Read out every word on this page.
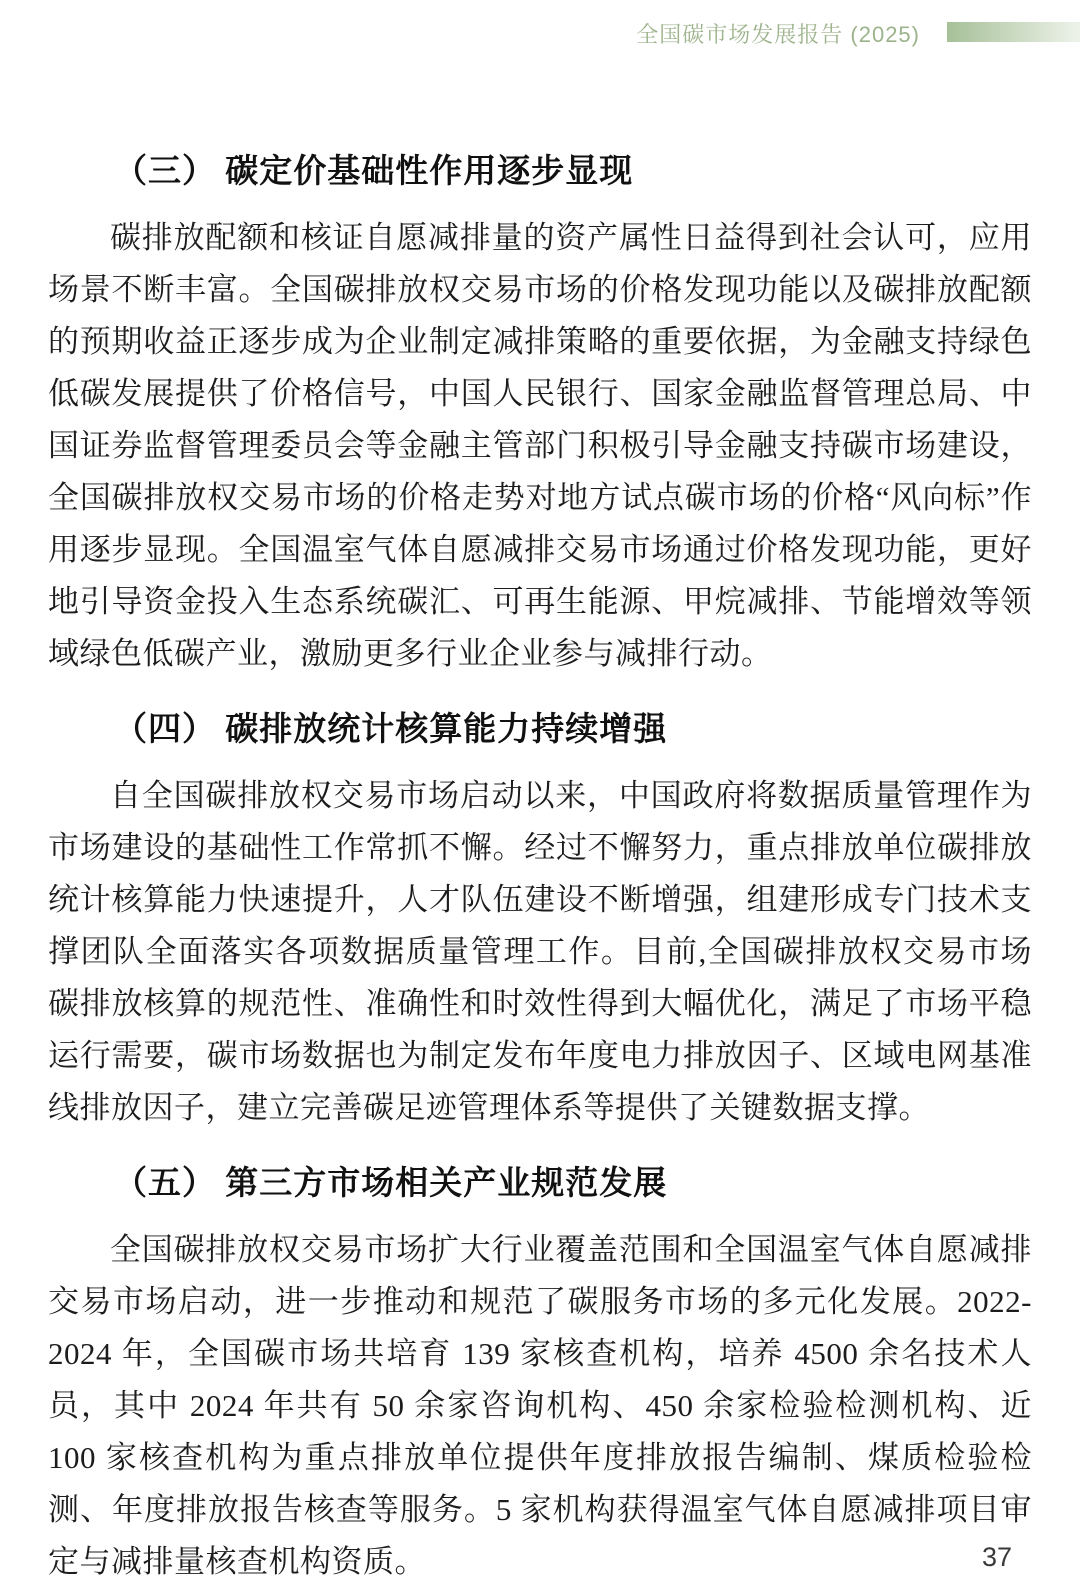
全国碳市场发展报告 (2025)
（三） 碳定价基础性作用逐步显现

碳排放配额和核证自愿减排量的资产属性日益得到社会认可，应用场景不断丰富。全国碳排放权交易市场的价格发现功能以及碳排放配额的预期收益正逐步成为企业制定减排策略的重要依据，为金融支持绿色低碳发展提供了价格信号，中国人民银行、国家金融监督管理总局、中国证券监督管理委员会等金融主管部门积极引导金融支持碳市场建设，全国碳排放权交易市场的价格走势对地方试点碳市场的价格“风向标”作用逐步显现。全国温室气体自愿减排交易市场通过价格发现功能，更好地引导资金投入生态系统碳汇、可再生能源、甲烷减排、节能增效等领域绿色低碳产业，激励更多行业企业参与减排行动。

（四） 碳排放统计核算能力持续增强

自全国碳排放权交易市场启动以来，中国政府将数据质量管理作为市场建设的基础性工作常抓不懈。经过不懈努力，重点排放单位碳排放统计核算能力快速提升，人才队伍建设不断增强，组建形成专门技术支撑团队全面落实各项数据质量管理工作。目前,全国碳排放权交易市场碳排放核算的规范性、准确性和时效性得到大幅优化，满足了市场平稳运行需要，碳市场数据也为制定发布年度电力排放因子、区域电网基准线排放因子，建立完善碳足迹管理体系等提供了关键数据支撑。

（五） 第三方市场相关产业规范发展

全国碳排放权交易市场扩大行业覆盖范围和全国温室气体自愿减排交易市场启动，进一步推动和规范了碳服务市场的多元化发展。2022-2024 年，全国碳市场共培育 139 家核查机构，培养 4500 余名技术人员，其中 2024 年共有 50 余家咨询机构、450 余家检验检测机构、近 100 家核查机构为重点排放单位提供年度排放报告编制、煤质检验检测、年度排放报告核查等服务。5 家机构获得温室气体自愿减排项目审定与减排量核查机构资质。	37
